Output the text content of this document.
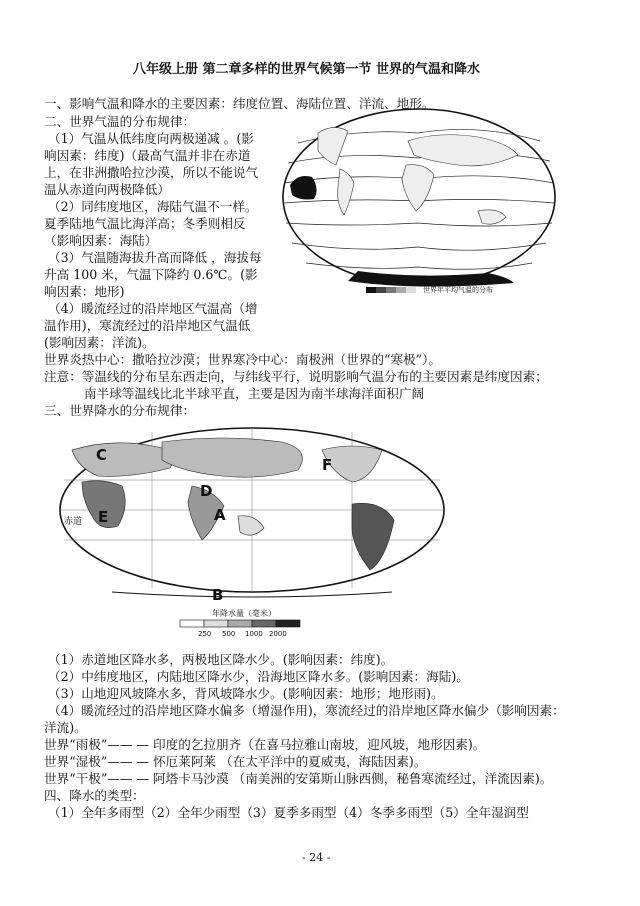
八年级上册 第二章多样的世界气候第一节 世界的气温和降水
一、影响气温和降水的主要因素：纬度位置、海陆位置、洋流、地形。
二、世界气温的分布规律：
（1）气温从低纬度向两极递减 。(影
响因素：纬度)（最高气温并非在赤道
上，在非洲撒哈拉沙漠，所以不能说气
温从赤道向两极降低）
（2）同纬度地区，海陆气温不一样。
夏季陆地气温比海洋高；冬季则相反
（影响因素：海陆）
（3）气温随海拔升高而降低 ，海拔每
升高 100 米，气温下降约 0.6℃。(影
响因素：地形)
（4）暖流经过的沿岸地区气温高（增
温作用)，寒流经过的沿岸地区气温低
(影响因素：洋流)。
世界年平均气温的分布
世界炎热中心：撒哈拉沙漠；世界寒冷中心：南极洲（世界的“寒极”）。
注意：等温线的分布呈东西走向，与纬线平行，说明影响气温分布的主要因素是纬度因素；
南半球等温线比北半球平直，主要是因为南半球海洋面积广阔
三、世界降水的分布规律：
C
D
F
E	A
B
赤道
年降水量（毫米）
250 500 1000 2000
（1）赤道地区降水多，两极地区降水少。(影响因素：纬度)。
（2）中纬度地区，内陆地区降水少，沿海地区降水多。(影响因素：海陆)。
（3）山地迎风坡降水多，背风坡降水少。(影响因素：地形；地形雨)。
（4）暖流经过的沿岸地区降水偏多（增湿作用)，寒流经过的沿岸地区降水偏少（影响因素：
洋流)。
世界“雨极”—— — 印度的乞拉朋齐（在喜马拉雅山南坡，迎风坡，地形因素)。
世界“湿极”—— — 怀厄莱阿莱 （在太平洋中的夏威夷，海陆因素)。
世界“干极”—— — 阿塔卡马沙漠 （南美洲的安第斯山脉西侧，秘鲁寒流经过，洋流因素)。
四、降水的类型：
（1）全年多雨型（2）全年少雨型（3）夏季多雨型（4）冬季多雨型（5）全年湿润型
- 24 -
